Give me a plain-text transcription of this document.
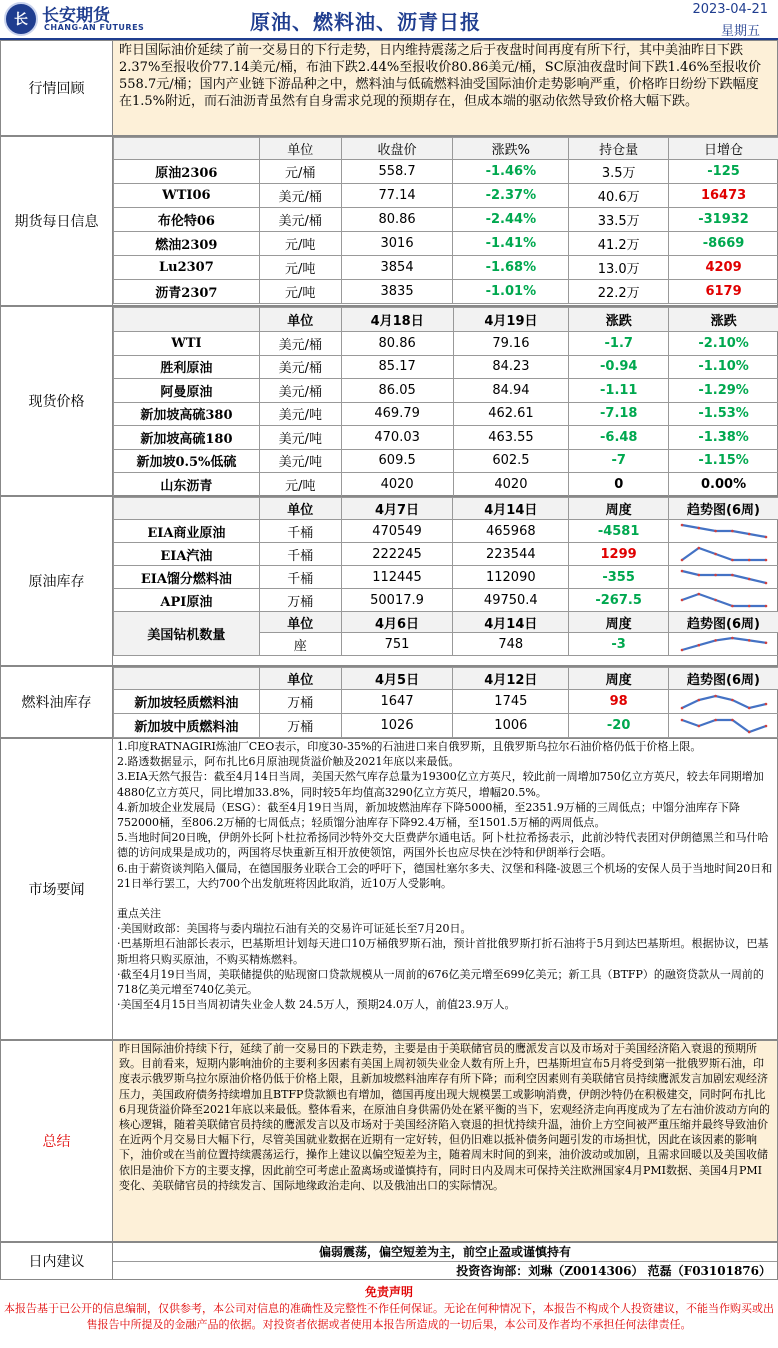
长 长安期货
CHANG-AN FUTURES	原油、燃料油、沥青日报
2023-04-21
星期五
行情回顾
昨日国际油价延续了前一交易日的下行走势，日内维持震荡之后于夜盘时间再度有所下行，其中美油昨日下跌2.37%至报收价77.14美元/桶，布油下跌2.44%至报收价80.86美元/桶，SC原油夜盘时间下跌1.46%至报收价558.7元/桶；国内产业链下游品种之中，燃料油与低硫燃料油受国际油价走势影响严重，价格昨日纷纷下跌幅度在1.5%附近，而石油沥青虽然有自身需求兑现的预期存在，但成本端的驱动依然导致价格大幅下跌。
期货每日信息
	单位	收盘价	涨跌%	持仓量	日增仓
原油2306	元/桶	558.7	-1.46%	3.5万	-125
WTI06	美元/桶	77.14	-2.37%	40.6万	16473
布伦特06	美元/桶	80.86	-2.44%	33.5万	-31932
燃油2309	元/吨	3016	-1.41%	41.2万	-8669
Lu2307	元/吨	3854	-1.68%	13.0万	4209
沥青2307	元/吨	3835	-1.01%	22.2万	6179
现货价格
	单位	4月18日	4月19日	涨跌	涨跌
WTI	美元/桶	80.86	79.16	-1.7	-2.10%
胜利原油	美元/桶	85.17	84.23	-0.94	-1.10%
阿曼原油	美元/桶	86.05	84.94	-1.11	-1.29%
新加坡高硫380	美元/吨	469.79	462.61	-7.18	-1.53%
新加坡高硫180	美元/吨	470.03	463.55	-6.48	-1.38%
新加坡0.5%低硫	美元/吨	609.5	602.5	-7	-1.15%
山东沥青	元/吨	4020	4020	0	0.00%
原油库存
	单位	4月7日	4月14日	周度	趋势图(6周)
EIA商业原油	千桶	470549	465968	-4581	

EIA汽油	千桶	222245	223544	1299	

EIA馏分燃料油	千桶	112445	112090	-355	

API原油	万桶	50017.9	49750.4	-267.5	

美国钻机数量	单位	4月6日	4月14日	周度	趋势图(6周)
	座	751	748	-3	
燃料油库存
	单位	4月5日	4月12日	周度	趋势图(6周)
新加坡轻质燃料油	万桶	1647	1745	98	

新加坡中质燃料油	万桶	1026	1006	-20	
市场要闻
1.印度RATNAGIRI炼油厂CEO表示，印度30-35%的石油进口来自俄罗斯，且俄罗斯乌拉尔石油价格仍低于价格上限。
2.路透数据显示，阿布扎比6月原油现货溢价触及2021年底以来最低。
3.EIA天然气报告：截至4月14日当周，美国天然气库存总量为19300亿立方英尺，较此前一周增加750亿立方英尺，较去年同期增加4880亿立方英尺，同比增加33.8%，同时较5年均值高3290亿立方英尺，增幅20.5%。
4.新加坡企业发展局（ESG）：截至4月19日当周，新加坡燃油库存下降5000桶，至2351.9万桶的三周低点；中馏分油库存下降752000桶，至806.2万桶的七周低点；轻质馏分油库存下降92.4万桶，至1501.5万桶的两周低点。
5.当地时间20日晚，伊朗外长阿卜杜拉希扬同沙特外交大臣费萨尔通电话。阿卜杜拉希扬表示，此前沙特代表团对伊朗德黑兰和马什哈德的访问成果是成功的，两国将尽快重新互相开放使领馆，两国外长也应尽快在沙特和伊朗举行会晤。
6.由于薪资谈判陷入僵局，在德国服务业联合工会的呼吁下，德国杜塞尔多夫、汉堡和科隆-波恩三个机场的安保人员于当地时间20日和21日举行罢工，大约700个出发航班将因此取消，近10万人受影响。
重点关注
·美国财政部：美国将与委内瑞拉石油有关的交易许可证延长至7月20日。
·巴基斯坦石油部长表示，巴基斯坦计划每天进口10万桶俄罗斯石油，预计首批俄罗斯打折石油将于5月到达巴基斯坦。根据协议，巴基斯坦将只购买原油，不购买精炼燃料。
·截至4月19日当周，美联储提供的贴现窗口贷款规模从一周前的676亿美元增至699亿美元；新工具（BTFP）的融资贷款从一周前的718亿美元增至740亿美元。
·美国至4月15日当周初请失业金人数 24.5万人，预期24.0万人，前值23.9万人。
总结
昨日国际油价持续下行，延续了前一交易日的下跌走势，主要是由于美联储官员的鹰派发言以及市场对于美国经济陷入衰退的预期所致。目前看来，短期内影响油价的主要利多因素有美国上周初领失业金人数有所上升，巴基斯坦宣布5月将受到第一批俄罗斯石油，印度表示俄罗斯乌拉尔原油价格仍低于价格上限，且新加坡燃料油库存有所下降；而利空因素则有美联储官员持续鹰派发言加剧宏观经济压力，美国政府债务持续增加且BTFP贷款额也有增加，德国再度出现大规模罢工或影响消费，伊朗沙特仍在积极建交，同时阿布扎比6月现货溢价降至2021年底以来最低。整体看来，在原油自身供需仍处在紧平衡的当下，宏观经济走向再度成为了左右油价波动方向的核心逻辑，随着美联储官员持续的鹰派发言以及市场对于美国经济陷入衰退的担忧持续升温，油价上方空间被严重压缩并最终导致油价在近两个月交易日大幅下行，尽管美国就业数据在近期有一定好转，但仍旧难以抵补债务问题引发的市场担忧，因此在该因素的影响下，油价或在当前位置持续震荡运行，操作上建议以偏空短差为主，随着周末时间的到来，油价波动或加剧，且需求回暖以及美国收储依旧是油价下方的主要支撑，因此前空可考虑止盈离场或谨慎持有，同时日内及周末可保持关注欧洲国家4月PMI数据、美国4月PMI变化、美联储官员的持续发言、国际地缘政治走向、以及俄油出口的实际情况。
日内建议
偏弱震荡，偏空短差为主，前空止盈或谨慎持有
投资咨询部：刘琳（Z0014306） 范磊（F03101876）
免责声明
本报告基于已公开的信息编制，仅供参考，本公司对信息的准确性及完整性不作任何保证。无论在何种情况下，本报告不构成个人投资建议，不能当作购买或出售报告中所提及的金融产品的依据。对投资者依据或者使用本报告所造成的一切后果，本公司及作者均不承担任何法律责任。
